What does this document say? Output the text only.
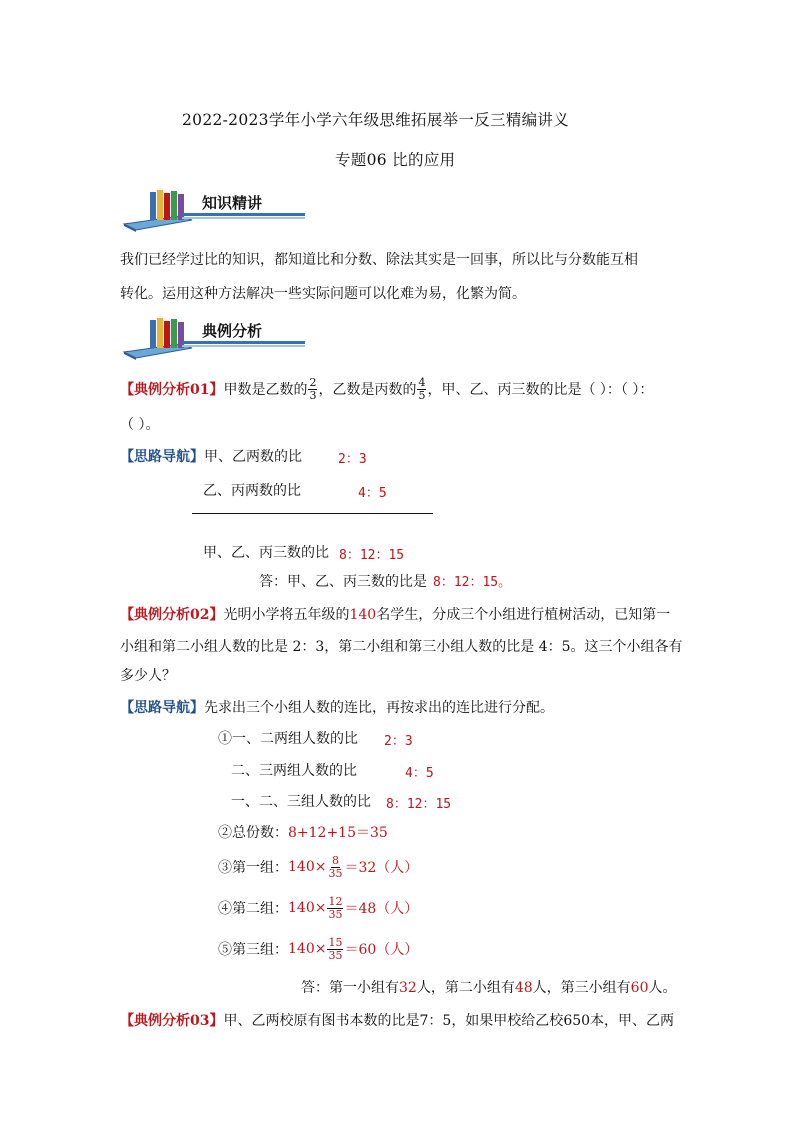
2022-2023学年小学六年级思维拓展举一反三精编讲义
专题06 比的应用
知识精讲
我们已经学过比的知识，都知道比和分数、除法其实是一回事，所以比与分数能互相
转化。运用这种方法解决一些实际问题可以化难为易，化繁为简。
典例分析
【典例分析01】 甲数是乙数的 $\frac{2}{3}$ ，乙数是丙数的 $\frac{4}{5}$ ，甲、乙、丙三数的比是（ ）：（ ）：
（ ）。
【思路导航】甲、乙两数的比	2：3
乙、丙两数的比	4：5
甲、乙、丙三数的比 8：12：15
答：甲、乙、丙三数的比是 8：12：15。
【典例分析02】光明小学将五年级的140名学生，分成三个小组进行植树活动，已知第一
小组和第二小组人数的比是 2：3，第二小组和第三小组人数的比是 4：5。这三个小组各有
多少人？
【思路导航】先求出三个小组人数的连比，再按求出的连比进行分配。
①一、二两组人数的比 2：3
二、三两组人数的比	4：5
一、二、三组人数的比 8：12：15
②总份数：8+12+15＝35
③第一组： $140\times \frac{8}{35} =32$（人）
④第二组： $140\times \frac{12}{35} =48$（人）
⑤第三组： $140\times \frac{15}{35} =60$（人）
答：第一小组有32人，第二小组有48人，第三小组有60人。
【典例分析03】甲、乙两校原有图书本数的比是7：5，如果甲校给乙校650本，甲、乙两
